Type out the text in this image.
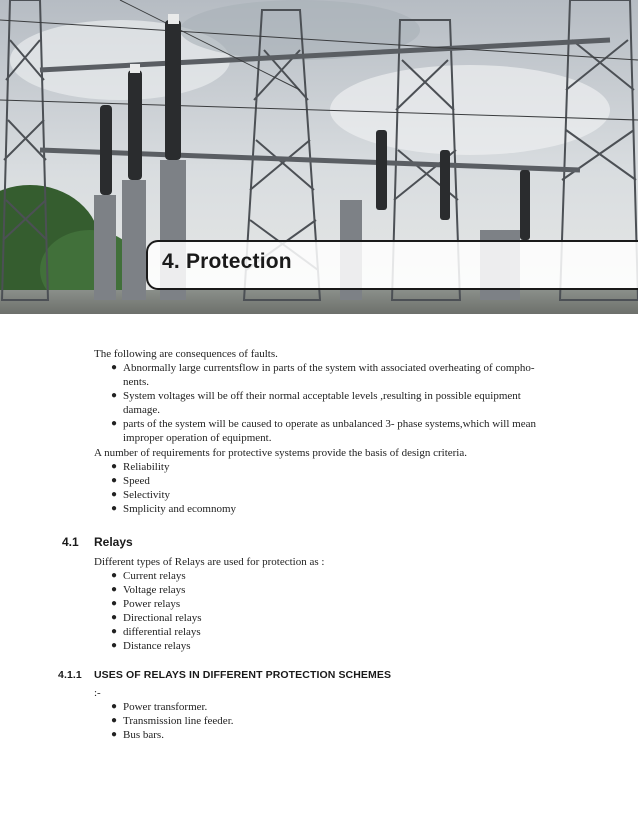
4. Protection
The following are consequences of faults.
● Abnormally large currentsflow in parts of the system with associated overheating of compho-nents.
● System voltages will be off their normal acceptable levels ,resulting in possible equipment damage.
● parts of the system will be caused to operate as unbalanced 3- phase systems,which will mean improper operation of equipment.
A number of requirements for protective systems provide the basis of design criteria.
● Reliability
● Speed
● Selectivity
● Smplicity and ecomnomy
4.1 Relays
Different types of Relays are used for protection as :
● Current relays
● Voltage relays
● Power relays
● Directional relays
● differential relays
● Distance relays
4.1.1 USES OF RELAYS IN DIFFERENT PROTECTION SCHEMES
:-
● Power transformer.
● Transmission line feeder.
● Bus bars.
